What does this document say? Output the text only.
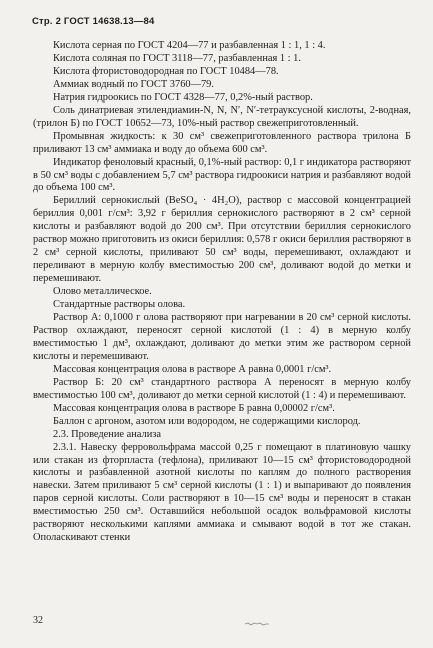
Стр. 2 ГОСТ 14638.13—84

Кислота серная по ГОСТ 4204—77 и разбавленная 1 : 1, 1 : 4.

Кислота соляная по ГОСТ 3118—77, разбавленная 1 : 1.

Кислота фтористоводородная по ГОСТ 10484—78.

Аммиак водный по ГОСТ 3760—79.

Натрия гидроокись по ГОСТ 4328—77, 0,2%-ный раствор.

Соль динатриевая этилендиамин-N, N, N′, N′-тетрауксусной кислоты, 2-водная, (трилон Б) по ГОСТ 10652—73, 10%-ный раствор свежеприготовленный.

Промывная жидкость: к 30 см³ свежеприготовленного раствора трилона Б приливают 13 см³ аммиака и воду до объема 600 см³.

Индикатор феноловый красный, 0,1%-ный раствор: 0,1 г индикатора растворяют в 50 см³ воды с добавлением 5,7 см³ раствора гидроокиси натрия и разбавляют водой до объема 100 см³.

Бериллий сернокислый (BeSO₄ · 4H₂O), раствор с массовой концентрацией бериллия 0,001 г/см³: 3,92 г бериллия сернокислого растворяют в 2 см³ серной кислоты и разбавляют водой до 200 см³. При отсутствии бериллия сернокислого раствор можно приготовить из окиси бериллия: 0,578 г окиси бериллия растворяют в 2 см³ серной кислоты, приливают 50 см³ воды, перемешивают, охлаждают и переливают в мерную колбу вместимостью 200 см³, доливают водой до метки и перемешивают.

Олово металлическое.

Стандартные растворы олова.

Раствор А: 0,1000 г олова растворяют при нагревании в 20 см³ серной кислоты. Раствор охлаждают, переносят серной кислотой (1 : 4) в мерную колбу вместимостью 1 дм³, охлаждают, доливают до метки этим же раствором серной кислоты и перемешивают.

Массовая концентрация олова в растворе А равна 0,0001 г/см³.

Раствор Б: 20 см³ стандартного раствора А переносят в мерную колбу вместимостью 100 см³, доливают до метки серной кислотой (1 : 4) и перемешивают.

Массовая концентрация олова в растворе Б равна 0,00002 г/см³.

Баллон с аргоном, азотом или водородом, не содержащими кислород.

2.3. Проведение анализа

2.3.1. Навеску ферровольфрама массой 0,25 г помещают в платиновую чашку или стакан из фторпласта (тефлона), приливают 10—15 см³ фтористоводородной кислоты и разбавленной азотной кислоты по каплям до полного растворения навески. Затем приливают 5 см³ серной кислоты (1 : 1) и выпаривают до появления паров серной кислоты. Соли растворяют в 10—15 см³ воды и переносят в стакан вместимостью 250 см³. Оставшийся небольшой осадок вольфрамовой кислоты растворяют несколькими каплями аммиака и смывают водой в тот же стакан. Ополаскивают стенки

32
